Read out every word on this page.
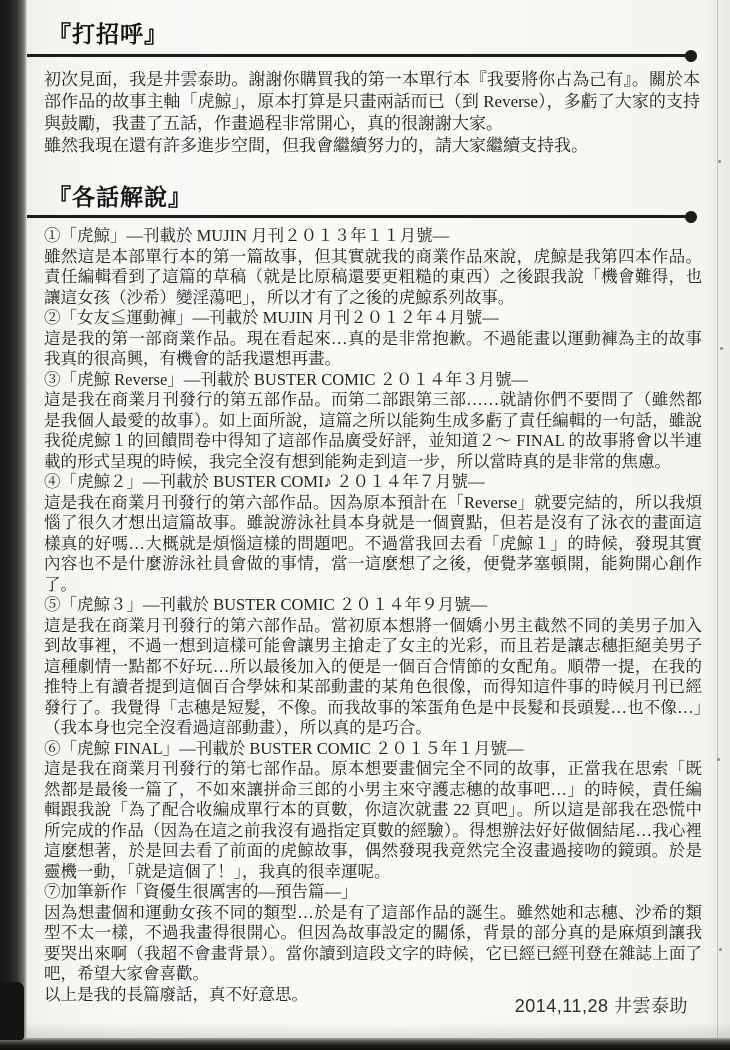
『打招呼』

初次見面，我是井雲泰助。謝謝你購買我的第一本單行本『我要將你占為己有』。關於本部作品的故事主軸「虎鯨」，原本打算是只畫兩話而已（到 Reverse），多虧了大家的支持與鼓勵，我畫了五話，作畫過程非常開心，真的很謝謝大家。

雖然我現在還有許多進步空間，但我會繼續努力的，請大家繼續支持我。

『各話解說』
①「虎鯨」—刊載於 MUJIN 月刊２０１３年１１月號—

雖然這是本部單行本的第一篇故事，但其實就我的商業作品來說，虎鯨是我第四本作品。責任編輯看到了這篇的草稿（就是比原稿還要更粗糙的東西）之後跟我說「機會難得，也讓這女孩（沙希）變淫蕩吧」，所以才有了之後的虎鯨系列故事。

②「女友≦運動褲」—刊載於 MUJIN 月刊２０１２年４月號—

這是我的第一部商業作品。現在看起來…真的是非常抱歉。不過能畫以運動褲為主的故事我真的很高興，有機會的話我還想再畫。

③「虎鯨 Reverse」—刊載於 BUSTER COMIC ２０１４年３月號—

這是我在商業月刊發行的第五部作品。而第二部跟第三部……就請你們不要問了（雖然都是我個人最愛的故事）。如上面所說，這篇之所以能夠生成多虧了責任編輯的一句話，雖說我從虎鯨１的回饋問卷中得知了這部作品廣受好評，並知道２～ FINAL 的故事將會以半連載的形式呈現的時候，我完全沒有想到能夠走到這一步，所以當時真的是非常的焦慮。

④「虎鯨２」—刊載於 BUSTER COMI♪ ２０１４年７月號—

這是我在商業月刊發行的第六部作品。因為原本預計在「Reverse」就要完結的，所以我煩惱了很久才想出這篇故事。雖說游泳社員本身就是一個賣點，但若是沒有了泳衣的畫面這樣真的好嗎…大概就是煩惱這樣的問題吧。不過當我回去看「虎鯨１」的時候，發現其實內容也不是什麼游泳社員會做的事情，當一這麼想了之後，便覺茅塞頓開，能夠開心創作了。

⑤「虎鯨３」—刊載於 BUSTER COMIC ２０１４年９月號—

這是我在商業月刊發行的第六部作品。當初原本想將一個嬌小男主截然不同的美男子加入到故事裡，不過一想到這樣可能會讓男主搶走了女主的光彩，而且若是讓志穗拒絕美男子這種劇情一點都不好玩…所以最後加入的便是一個百合情節的女配角。順帶一提，在我的推特上有讀者提到這個百合學妹和某部動畫的某角色很像，而得知這件事的時候月刊已經發行了。我覺得「志穗是短髮，不像。而我故事的笨蛋角色是中長髮和長頭髮…也不像…」（我本身也完全沒看過這部動畫），所以真的是巧合。

⑥「虎鯨 FINAL」—刊載於 BUSTER COMIC ２０１５年１月號—

這是我在商業月刊發行的第七部作品。原本想要畫個完全不同的故事，正當我在思索「既然都是最後一篇了，不如來讓拼命三郎的小男主來守護志穗的故事吧…」的時候，責任編輯跟我說「為了配合收編成單行本的頁數，你這次就畫 22 頁吧」。所以這是部我在恐慌中所完成的作品（因為在這之前我沒有過指定頁數的經驗）。得想辦法好好做個結尾…我心裡這麼想著，於是回去看了前面的虎鯨故事，偶然發現我竟然完全沒畫過接吻的鏡頭。於是靈機一動，「就是這個了！」，我真的很幸運呢。

⑦加筆新作「資優生很厲害的—預告篇—」

因為想畫個和運動女孩不同的類型…於是有了這部作品的誕生。雖然她和志穗、沙希的類型不太一樣，不過我畫得很開心。但因為故事設定的關係，背景的部分真的是麻煩到讓我要哭出來啊（我超不會畫背景）。當你讀到這段文字的時候，它已經已經刊登在雜誌上面了吧，希望大家會喜歡。

以上是我的長篇廢話，真不好意思。

2014,11,28 井雲泰助
